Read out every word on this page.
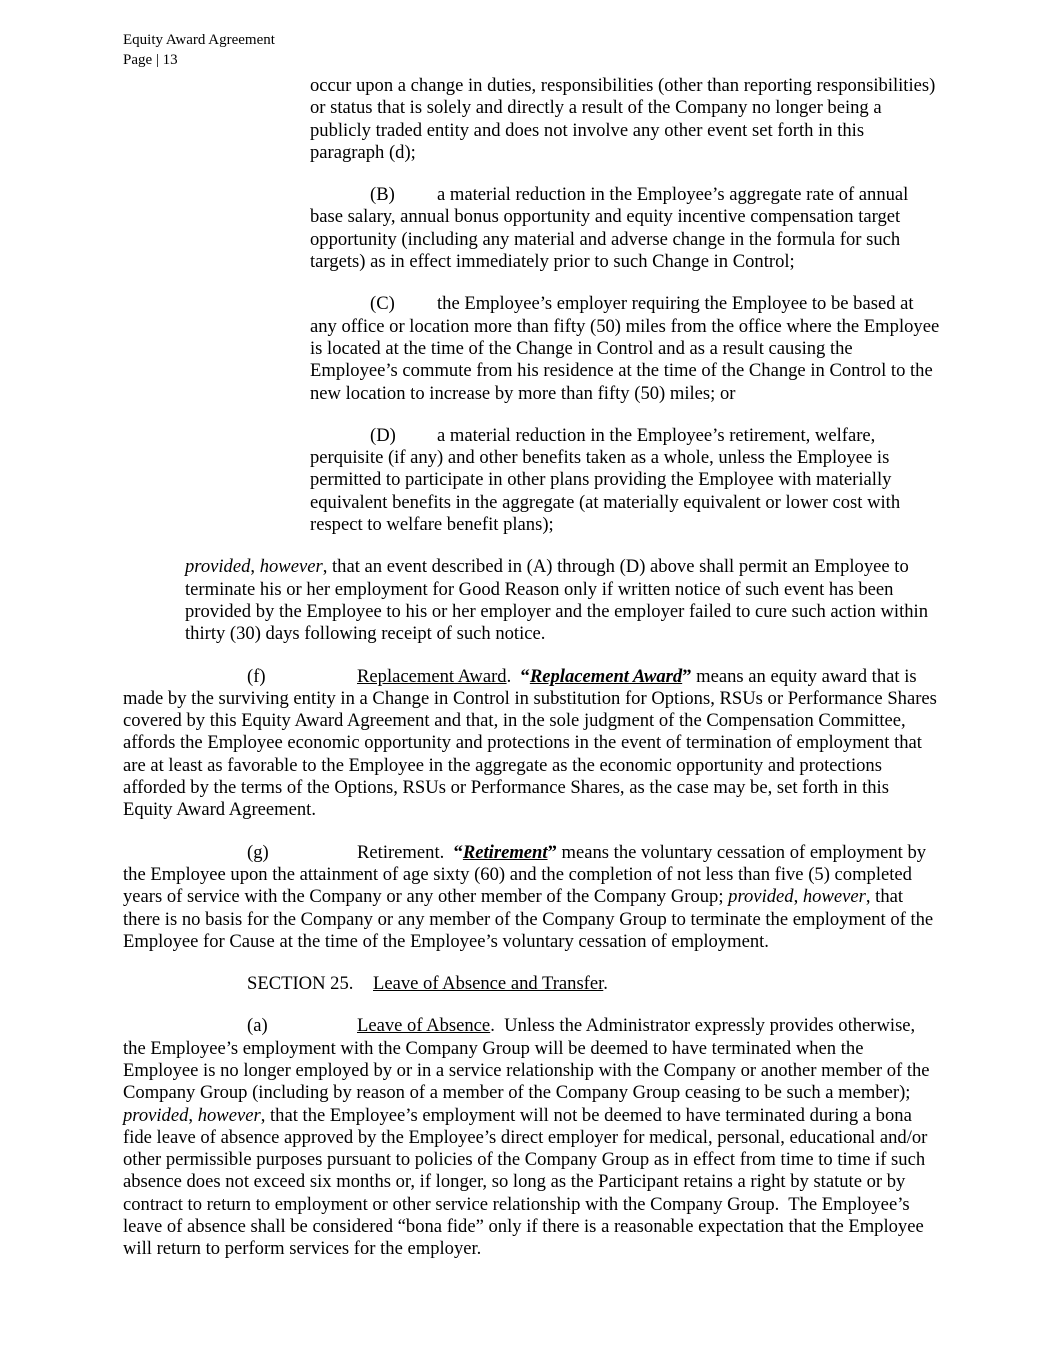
Equity Award Agreement
Page | 13

occur upon a change in duties, responsibilities (other than reporting responsibilities) or status that is solely and directly a result of the Company no longer being a publicly traded entity and does not involve any other event set forth in this paragraph (d);

(B) a material reduction in the Employee’s aggregate rate of annual base salary, annual bonus opportunity and equity incentive compensation target opportunity (including any material and adverse change in the formula for such targets) as in effect immediately prior to such Change in Control;

(C) the Employee’s employer requiring the Employee to be based at any office or location more than fifty (50) miles from the office where the Employee is located at the time of the Change in Control and as a result causing the Employee’s commute from his residence at the time of the Change in Control to the new location to increase by more than fifty (50) miles; or

(D) a material reduction in the Employee’s retirement, welfare, perquisite (if any) and other benefits taken as a whole, unless the Employee is permitted to participate in other plans providing the Employee with materially equivalent benefits in the aggregate (at materially equivalent or lower cost with respect to welfare benefit plans);

provided, however, that an event described in (A) through (D) above shall permit an Employee to terminate his or her employment for Good Reason only if written notice of such event has been provided by the Employee to his or her employer and the employer failed to cure such action within thirty (30) days following receipt of such notice.

(f)	Replacement Award.  “Replacement Award” means an equity award that is made by the surviving entity in a Change in Control in substitution for Options, RSUs or Performance Shares covered by this Equity Award Agreement and that, in the sole judgment of the Compensation Committee, affords the Employee economic opportunity and protections in the event of termination of employment that are at least as favorable to the Employee in the aggregate as the economic opportunity and protections afforded by the terms of the Options, RSUs or Performance Shares, as the case may be, set forth in this Equity Award Agreement.

(g)	Retirement.  “Retirement” means the voluntary cessation of employment by the Employee upon the attainment of age sixty (60) and the completion of not less than five (5) completed years of service with the Company or any other member of the Company Group; provided, however, that there is no basis for the Company or any member of the Company Group to terminate the employment of the Employee for Cause at the time of the Employee’s voluntary cessation of employment.

SECTION 25. Leave of Absence and Transfer.

(a)	Leave of Absence.  Unless the Administrator expressly provides otherwise, the Employee’s employment with the Company Group will be deemed to have terminated when the Employee is no longer employed by or in a service relationship with the Company or another member of the Company Group (including by reason of a member of the Company Group ceasing to be such a member); provided, however, that the Employee’s employment will not be deemed to have terminated during a bona fide leave of absence approved by the Employee’s direct employer for medical, personal, educational and/or other permissible purposes pursuant to policies of the Company Group as in effect from time to time if such absence does not exceed six months or, if longer, so long as the Participant retains a right by statute or by contract to return to employment or other service relationship with the Company Group.  The Employee’s leave of absence shall be considered “bona fide” only if there is a reasonable expectation that the Employee will return to perform services for the employer.
